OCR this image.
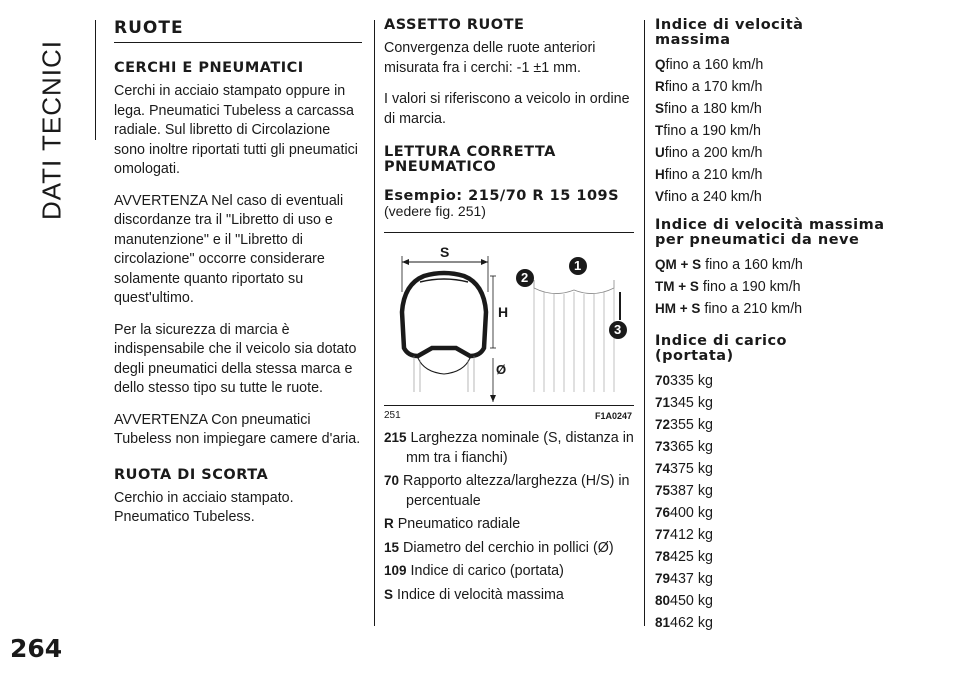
DATI TECNICI
264
RUOTE
CERCHI E PNEUMATICI

Cerchi in acciaio stampato oppure in lega. Pneumatici Tubeless a carcassa radiale. Sul libretto di Circolazione sono inoltre riportati tutti gli pneumatici omologati.

AVVERTENZA Nel caso di eventuali discordanze tra il "Libretto di uso e manutenzione" e il "Libretto di circolazione" occorre considerare solamente quanto riportato su quest'ultimo.

Per la sicurezza di marcia è indispensabile che il veicolo sia dotato degli pneumatici della stessa marca e dello stesso tipo su tutte le ruote.

AVVERTENZA Con pneumatici Tubeless non impiegare camere d'aria.

RUOTA DI SCORTA

Cerchio in acciaio stampato. Pneumatico Tubeless.

ASSETTO RUOTE

Convergenza delle ruote anteriori misurata fra i cerchi: -1 ±1 mm.

I valori si riferiscono a veicolo in ordine di marcia.

LETTURA CORRETTA PNEUMATICO
Esempio: 215/70 R 15 109S (vedere fig. 251)
S
H
Ø
1
2
3
251	F1A0247
215 Larghezza nominale (S, distanza in mm tra i fianchi)
70 Rapporto altezza/larghezza (H/S) in percentuale
R Pneumatico radiale
15 Diametro del cerchio in pollici (Ø)
109 Indice di carico (portata)
S Indice di velocità massima
Indice di velocità massima
Qfino a 160 km/h
Rfino a 170 km/h
Sfino a 180 km/h
Tfino a 190 km/h
Ufino a 200 km/h
Hfino a 210 km/h
Vfino a 240 km/h
Indice di velocità massima per pneumatici da neve
QM + S fino a 160 km/h
TM + S fino a 190 km/h
HM + S fino a 210 km/h
Indice di carico (portata)
70335 kg
71345 kg
72355 kg
73365 kg
74375 kg
75387 kg
76400 kg
77412 kg
78425 kg
79437 kg
80450 kg
81462 kg
